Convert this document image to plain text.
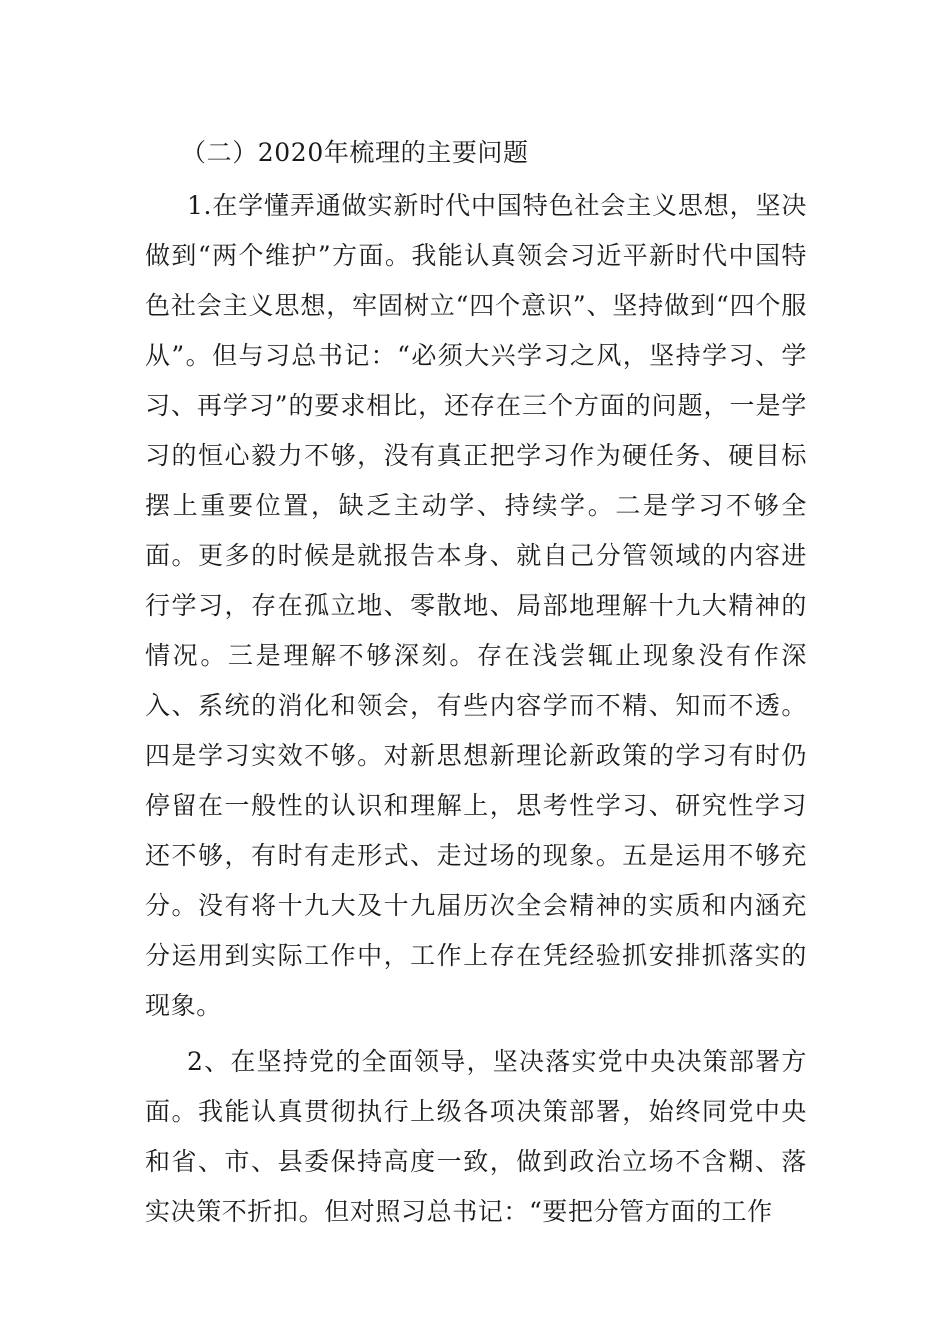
（二）2020年梳理的主要问题

1.在学懂弄通做实新时代中国特色社会主义思想，坚决做到“两个维护”方面。我能认真领会习近平新时代中国特色社会主义思想，牢固树立“四个意识”、坚持做到“四个服从”。但与习总书记：“必须大兴学习之风，坚持学习、学习、再学习”的要求相比，还存在三个方面的问题，一是学习的恒心毅力不够，没有真正把学习作为硬任务、硬目标摆上重要位置，缺乏主动学、持续学。二是学习不够全面。更多的时候是就报告本身、就自己分管领域的内容进行学习，存在孤立地、零散地、局部地理解十九大精神的情况。三是理解不够深刻。存在浅尝辄止现象没有作深入、系统的消化和领会，有些内容学而不精、知而不透。四是学习实效不够。对新思想新理论新政策的学习有时仍停留在一般性的认识和理解上，思考性学习、研究性学习还不够，有时有走形式、走过场的现象。五是运用不够充分。没有将十九大及十九届历次全会精神的实质和内涵充分运用到实际工作中，工作上存在凭经验抓安排抓落实的现象。

2、在坚持党的全面领导，坚决落实党中央决策部署方面。我能认真贯彻执行上级各项决策部署，始终同党中央和省、市、县委保持高度一致，做到政治立场不含糊、落实决策不折扣。但对照习总书记：“要把分管方面的工作
